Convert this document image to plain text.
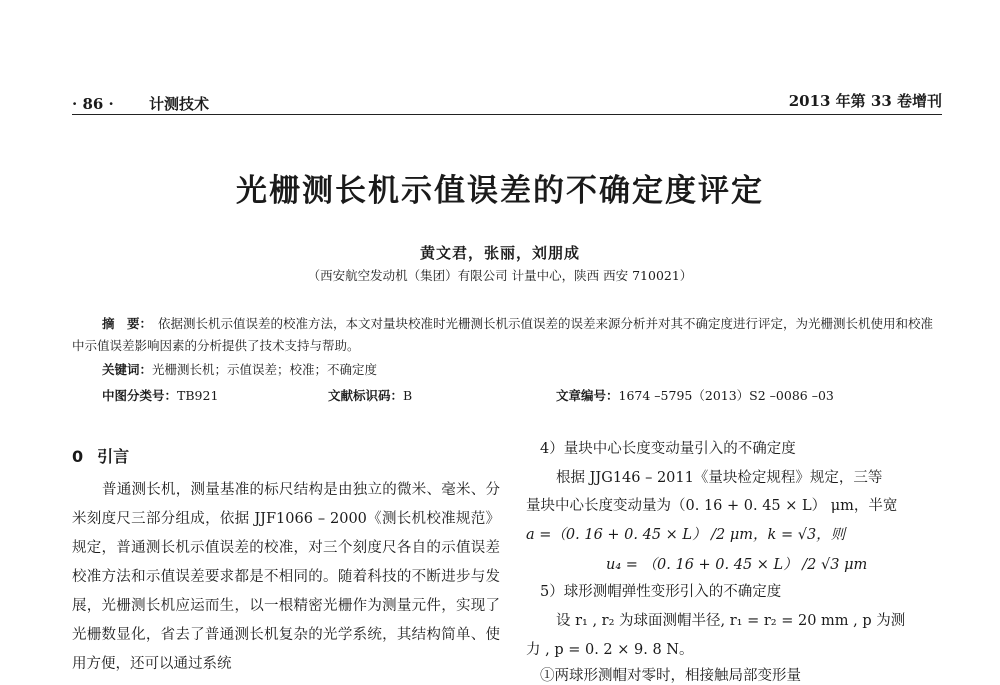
· 86 · 计测技术	2013 年第 33 卷增刊
光栅测长机示值误差的不确定度评定
黄文君，张丽，刘朋成
（西安航空发动机（集团）有限公司 计量中心，陕西 西安 710021）
摘　要： 依据测长机示值误差的校准方法，本文对量块校准时光栅测长机示值误差的误差来源分析并对其不确定度进行评定，为光栅测长机使用和校准中示值误差影响因素的分析提供了技术支持与帮助。
关键词：光栅测长机；示值误差；校准；不确定度
中图分类号：TB921	文献标识码：B	文章编号：1674 –5795（2013）S2 –0086 –03
0 引言

普通测长机，测量基准的标尺结构是由独立的微米、毫米、分米刻度尺三部分组成，依据 JJF1066 – 2000《测长机校准规范》规定，普通测长机示值误差的校准，对三个刻度尺各自的示值误差校准方法和示值误差要求都是不相同的。随着科技的不断进步与发展，光栅测长机应运而生，以一根精密光栅作为测量元件，实现了光栅数显化，省去了普通测长机复杂的光学系统，其结构简单、使用方便，还可以通过系统

4）量块中心长度变动量引入的不确定度
根据 JJG146 – 2011《量块检定规程》规定，三等
量块中心长度变动量为（0. 16 + 0. 45 × L） μm，半宽
a =（0. 16 + 0. 45 × L） /2 μm，k = √3，则
u₄ = （0. 16 + 0. 45 × L） /2 √3 μm
5）球形测帽弹性变形引入的不确定度
设 r₁ , r₂ 为球面测帽半径, r₁ = r₂ = 20 mm , p 为测
力 , p = 0. 2 × 9. 8 N。
①两球形测帽对零时，相接触局部变形量
